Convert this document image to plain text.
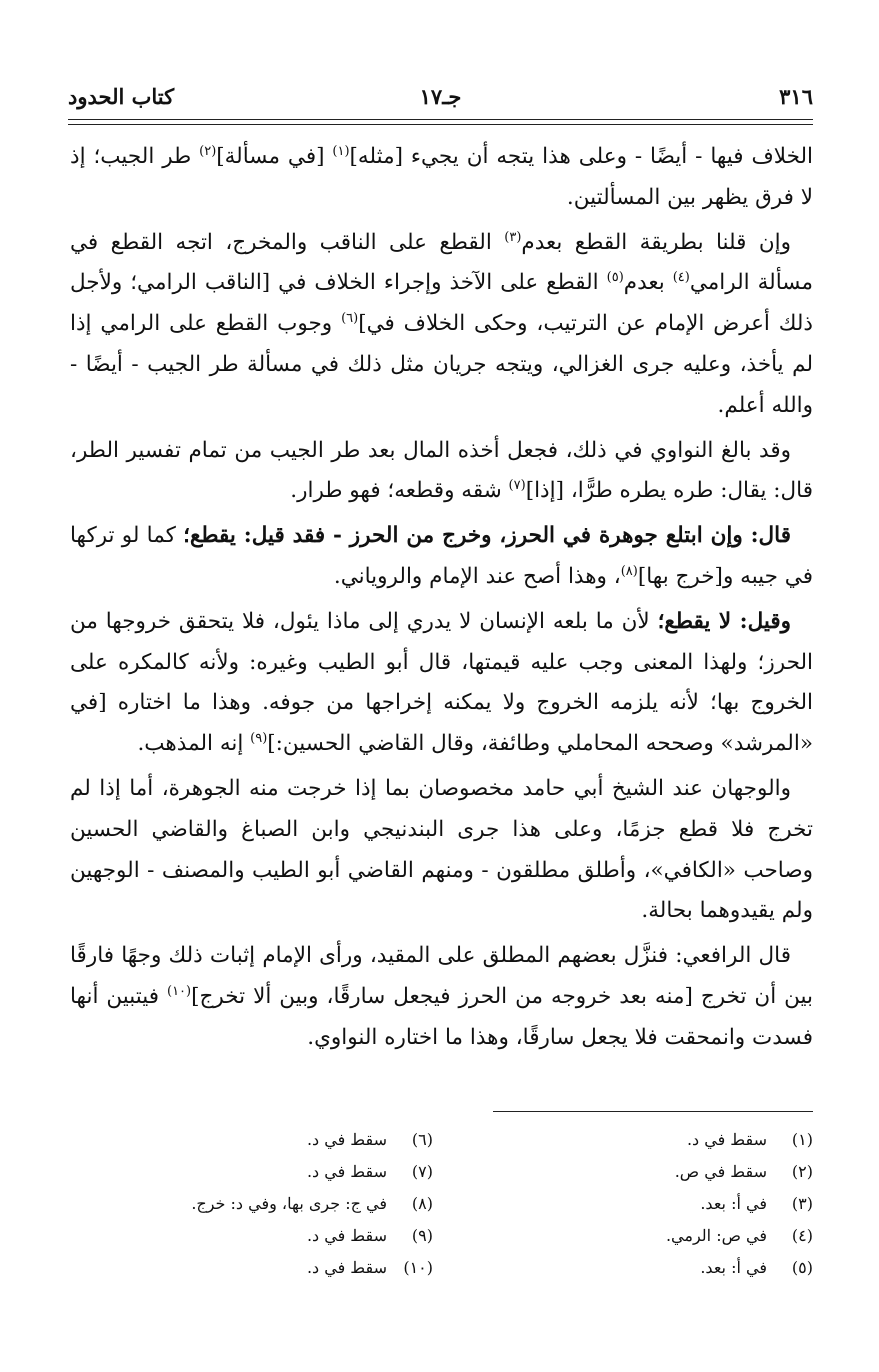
٣١٦
جـ١٧
كتاب الحدود

الخلاف فيها - أيضًا - وعلى هذا يتجه أن يجيء [مثله]$^{(١)}$ [في مسألة]$^{(٢)}$ طر الجيب؛ إذ لا فرق يظهر بين المسألتين.

وإن قلنا بطريقة القطع بعدم$^{(٣)}$ القطع على الناقب والمخرج، اتجه القطع في مسألة الرامي$^{(٤)}$ بعدم$^{(٥)}$ القطع على الآخذ وإجراء الخلاف في [الناقب الرامي؛ ولأجل ذلك أعرض الإمام عن الترتيب، وحكى الخلاف في]$^{(٦)}$ وجوب القطع على الرامي إذا لم يأخذ، وعليه جرى الغزالي، ويتجه جريان مثل ذلك في مسألة طر الجيب - أيضًا - والله أعلم.

وقد بالغ النواوي في ذلك، فجعل أخذه المال بعد طر الجيب من تمام تفسير الطر، قال: يقال: طره يطره طرًّا، [إذا]$^{(٧)}$ شقه وقطعه؛ فهو طرار.

قال: وإن ابتلع جوهرة في الحرز، وخرج من الحرز - فقد قيل: يقطع؛ كما لو تركها في جيبه و[خرج بها]$^{(٨)}$، وهذا أصح عند الإمام والروياني.

وقيل: لا يقطع؛ لأن ما بلعه الإنسان لا يدري إلى ماذا يئول، فلا يتحقق خروجها من الحرز؛ ولهذا المعنى وجب عليه قيمتها، قال أبو الطيب وغيره: ولأنه كالمكره على الخروج بها؛ لأنه يلزمه الخروج ولا يمكنه إخراجها من جوفه. وهذا ما اختاره [في «المرشد» وصححه المحاملي وطائفة، وقال القاضي الحسين:]$^{(٩)}$ إنه المذهب.

والوجهان عند الشيخ أبي حامد مخصوصان بما إذا خرجت منه الجوهرة، أما إذا لم تخرج فلا قطع جزمًا، وعلى هذا جرى البندنيجي وابن الصباغ والقاضي الحسين وصاحب «الكافي»، وأطلق مطلقون - ومنهم القاضي أبو الطيب والمصنف - الوجهين ولم يقيدوهما بحالة.

قال الرافعي: فنزَّل بعضهم المطلق على المقيد، ورأى الإمام إثبات ذلك وجهًا فارقًا بين أن تخرج [منه بعد خروجه من الحرز فيجعل سارقًا، وبين ألا تخرج]$^{(١٠)}$ فيتبين أنها فسدت وانمحقت فلا يجعل سارقًا، وهذا ما اختاره النواوي.

(١)سقط في د.
(٢)سقط في ص.
(٣)في أ: بعد.
(٤)في ص: الرمي.
(٥)في أ: بعد.
(٦)سقط في د.
(٧)سقط في د.
(٨)في ج: جرى بها، وفي د: خرج.
(٩)سقط في د.
(١٠)سقط في د.
